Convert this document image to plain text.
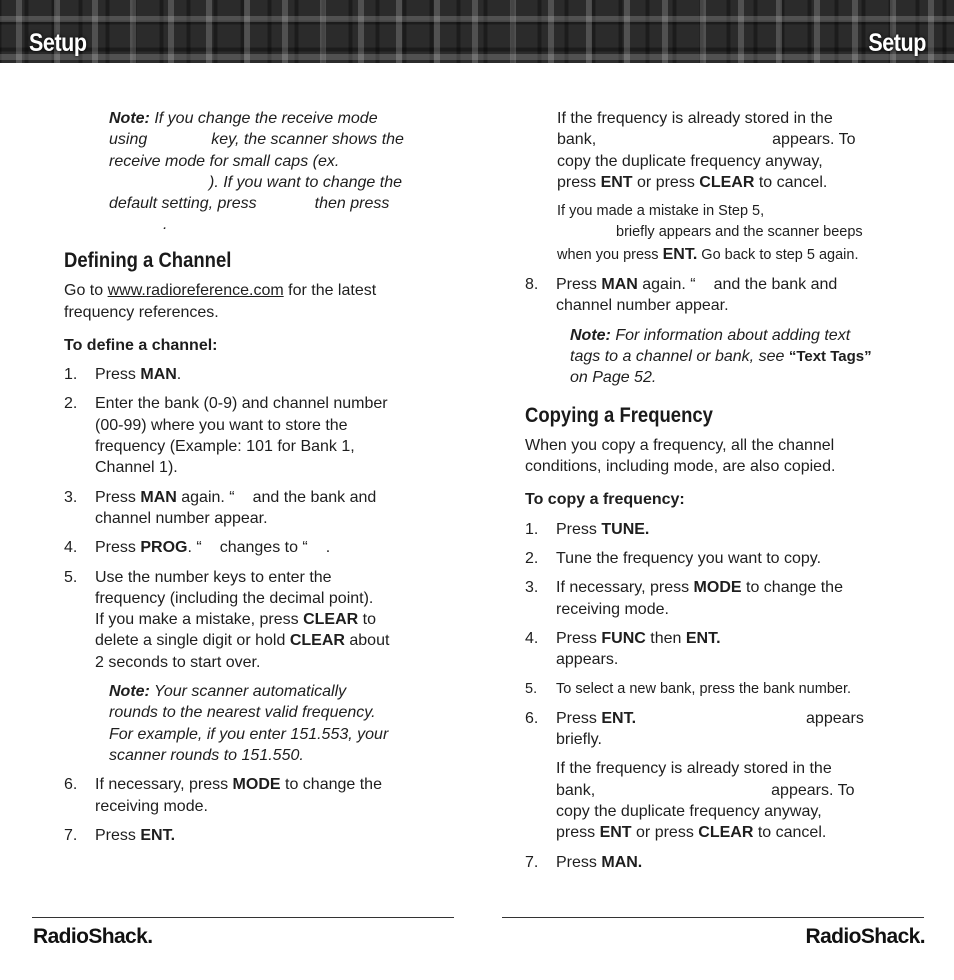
Setup	Setup

Note: If you change the receive mode

using	key, the scanner shows the

receive mode for small caps (ex.

). If you want to change the

default setting, press	then press

.

Defining a Channel

Go to www.radioreference.com for the latest

frequency references.

To define a channel:

1. Press MAN.
2. Enter the bank (0-9) and channel number

(00-99) where you want to store the

frequency (Example: 101 for Bank 1,

Channel 1).

3. Press MAN again. “ and the bank and

channel number appear.

4. Press PROG. “ changes to “ .
5. Use the number keys to enter the

frequency (including the decimal point).

If you make a mistake, press CLEAR to

delete a single digit or hold CLEAR about

2 seconds to start over.

Note: Your scanner automatically

rounds to the nearest valid frequency.

For example, if you enter 151.553, your

scanner rounds to 151.550.

6. If necessary, press MODE to change the

receiving mode.

7. Press ENT.

If the frequency is already stored in the

bank,	appears. To

copy the duplicate frequency anyway,

press ENT or press CLEAR to cancel.

If you made a mistake in Step 5,

briefly appears and the scanner beeps

when you press ENT. Go back to step 5 again.

8. Press MAN again. “ and the bank and

channel number appear.

Note: For information about adding text

tags to a channel or bank, see “Text Tags”

on Page 52.

Copying a Frequency

When you copy a frequency, all the channel

conditions, including mode, are also copied.

To copy a frequency:

1. Press TUNE.
2. Tune the frequency you want to copy.
3. If necessary, press MODE to change the

receiving mode.

4. Press FUNC then ENT.

appears.

5. To select a new bank, press the bank number.
6. Press ENT.	appears

briefly.

If the frequency is already stored in the

bank,	appears. To

copy the duplicate frequency anyway,

press ENT or press CLEAR to cancel.

7. Press MAN.
RadioShack.	RadioShack.
